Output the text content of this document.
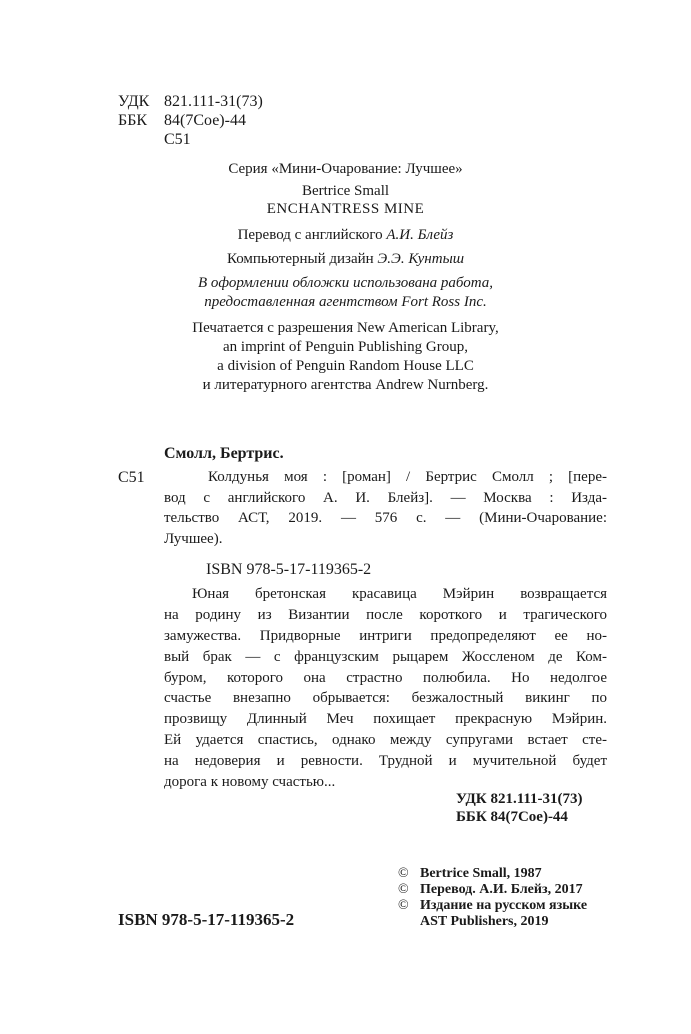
УДК 821.111-31(73)
ББК 84(7Сое)-44
С51
Серия «Мини-Очарование: Лучшее»
Bertrice Small
ENCHANTRESS MINE
Перевод с английского А.И. Блейз
Компьютерный дизайн Э.Э. Кунтыш
В оформлении обложки использована работа,
предоставленная агентством Fort Ross Inc.
Печатается с разрешения New American Library,
an imprint of Penguin Publishing Group,
a division of Penguin Random House LLC
и литературного агентства Andrew Nurnberg.
Смолл, Бертрис.
С51	Колдунья моя : [роман] / Бертрис Смолл ; [пере-
вод с английского А. И. Блейз]. — Москва : Изда-
тельство АСТ, 2019. — 576 с. — (Мини-Очарование:
Лучшее).
ISBN 978-5-17-119365-2
Юная бретонская красавица Мэйрин возвращается
на родину из Византии после короткого и трагического
замужества. Придворные интриги предопределяют ее но-
вый брак — с французским рыцарем Жоссленом де Ком-
буром, которого она страстно полюбила. Но недолгое
счастье внезапно обрывается: безжалостный викинг по
прозвищу Длинный Меч похищает прекрасную Мэйрин.
Ей удается спастись, однако между супругами встает сте-
на недоверия и ревности. Трудной и мучительной будет
дорога к новому счастью...
УДК 821.111-31(73)
ББК 84(7Сое)-44
© Bertrice Small, 1987
© Перевод. А.И. Блейз, 2017
© Издание на русском языке
AST Publishers, 2019
ISBN 978-5-17-119365-2
